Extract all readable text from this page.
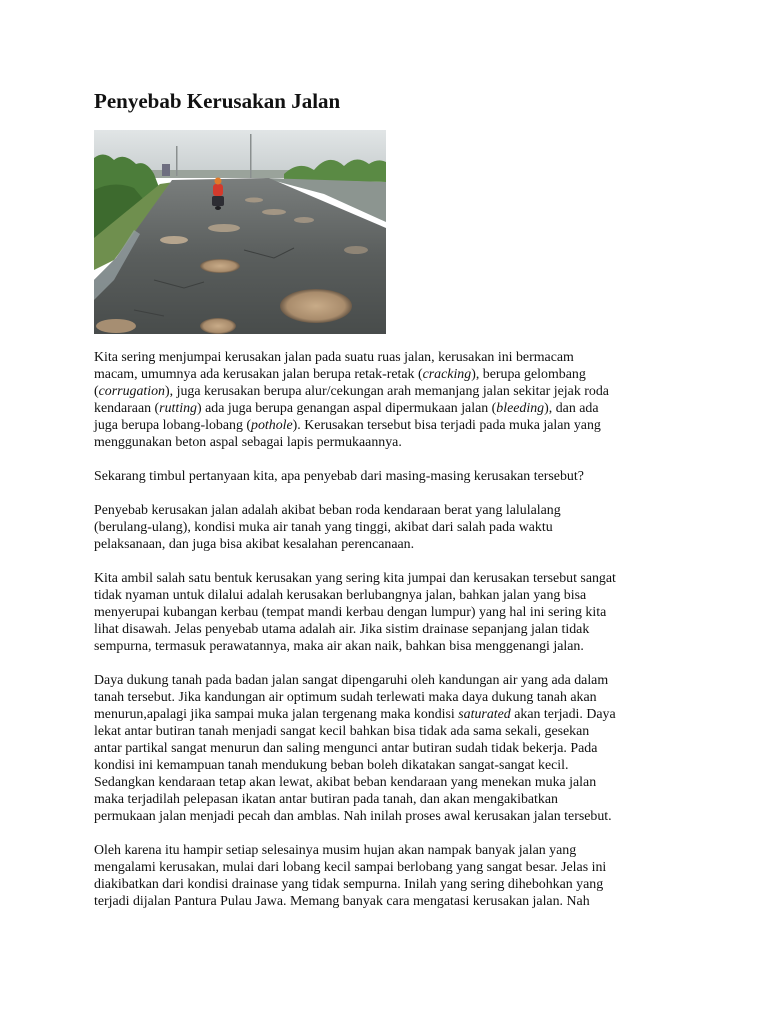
Penyebab Kerusakan Jalan
Kita sering menjumpai kerusakan jalan pada suatu ruas jalan, kerusakan ini bermacam
macam, umumnya ada kerusakan jalan berupa retak-retak (cracking), berupa gelombang
(corrugation), juga kerusakan berupa alur/cekungan arah memanjang jalan sekitar jejak roda
kendaraan (rutting) ada juga berupa genangan aspal dipermukaan jalan (bleeding), dan ada
juga berupa lobang-lobang (pothole). Kerusakan tersebut bisa terjadi pada muka jalan yang
menggunakan beton aspal sebagai lapis permukaannya.
Sekarang timbul pertanyaan kita, apa penyebab dari masing-masing kerusakan tersebut?
Penyebab kerusakan jalan adalah akibat beban roda kendaraan berat yang lalulalang
(berulang-ulang), kondisi muka air tanah yang tinggi, akibat dari salah pada waktu
pelaksanaan, dan juga bisa akibat kesalahan perencanaan.
Kita ambil salah satu bentuk kerusakan yang sering kita jumpai dan kerusakan tersebut sangat
tidak nyaman untuk dilalui adalah kerusakan berlubangnya jalan, bahkan jalan yang bisa
menyerupai kubangan kerbau (tempat mandi kerbau dengan lumpur) yang hal ini sering kita
lihat disawah. Jelas penyebab utama adalah air. Jika sistim drainase sepanjang jalan tidak
sempurna, termasuk perawatannya, maka air akan naik, bahkan bisa menggenangi jalan.
Daya dukung tanah pada badan jalan sangat dipengaruhi oleh kandungan air yang ada dalam
tanah tersebut. Jika kandungan air optimum sudah terlewati maka daya dukung tanah akan
menurun,apalagi jika sampai muka jalan tergenang maka kondisi saturated akan terjadi. Daya
lekat antar butiran tanah menjadi sangat kecil bahkan bisa tidak ada sama sekali, gesekan
antar partikal sangat menurun dan saling mengunci antar butiran sudah tidak bekerja. Pada
kondisi ini kemampuan tanah mendukung beban boleh dikatakan sangat-sangat kecil.
Sedangkan kendaraan tetap akan lewat, akibat beban kendaraan yang menekan muka jalan
maka terjadilah pelepasan ikatan antar butiran pada tanah, dan akan mengakibatkan
permukaan jalan menjadi pecah dan amblas. Nah inilah proses awal kerusakan jalan tersebut.
Oleh karena itu hampir setiap selesainya musim hujan akan nampak banyak jalan yang
mengalami kerusakan, mulai dari lobang kecil sampai berlobang yang sangat besar. Jelas ini
diakibatkan dari kondisi drainase yang tidak sempurna. Inilah yang sering dihebohkan yang
terjadi dijalan Pantura Pulau Jawa. Memang banyak cara mengatasi kerusakan jalan. Nah
